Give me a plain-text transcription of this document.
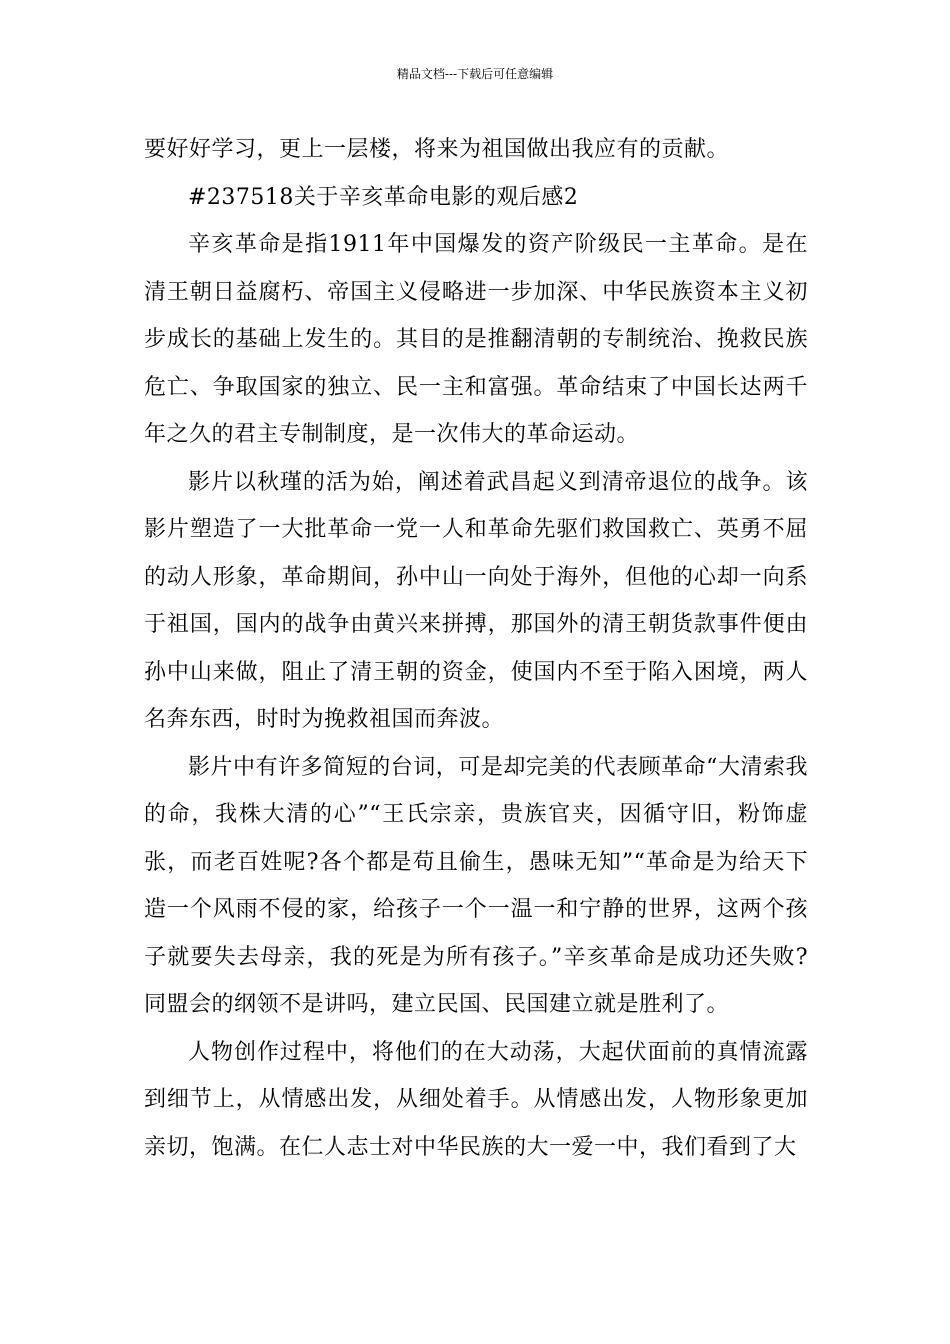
精品文档---下载后可任意编辑

要好好学习，更上一层楼，将来为祖国做出我应有的贡献。

#237518关于辛亥革命电影的观后感2

辛亥革命是指1911年中国爆发的资产阶级民一主革命。是在清王朝日益腐朽、帝国主义侵略进一步加深、中华民族资本主义初步成长的基础上发生的。其目的是推翻清朝的专制统治、挽救民族危亡、争取国家的独立、民一主和富强。革命结束了中国长达两千年之久的君主专制制度，是一次伟大的革命运动。

影片以秋瑾的活为始，阐述着武昌起义到清帝退位的战争。该影片塑造了一大批革命一党一人和革命先驱们救国救亡、英勇不屈的动人形象，革命期间，孙中山一向处于海外，但他的心却一向系于祖国，国内的战争由黄兴来拼搏，那国外的清王朝货款事件便由孙中山来做，阻止了清王朝的资金，使国内不至于陷入困境，两人名奔东西，时时为挽救祖国而奔波。

影片中有许多简短的台词，可是却完美的代表顾革命“大清索我的命，我株大清的心”“王氏宗亲，贵族官夹，因循守旧，粉饰虚张，而老百姓呢?各个都是苟且偷生，愚味无知”“革命是为给天下造一个风雨不侵的家，给孩子一个一温一和宁静的世界，这两个孩子就要失去母亲，我的死是为所有孩子。”辛亥革命是成功还失败?同盟会的纲领不是讲吗，建立民国、民国建立就是胜利了。

人物创作过程中，将他们的在大动荡，大起伏面前的真情流露到细节上，从情感出发，从细处着手。从情感出发，人物形象更加亲切，饱满。在仁人志士对中华民族的大一爱一中，我们看到了大
